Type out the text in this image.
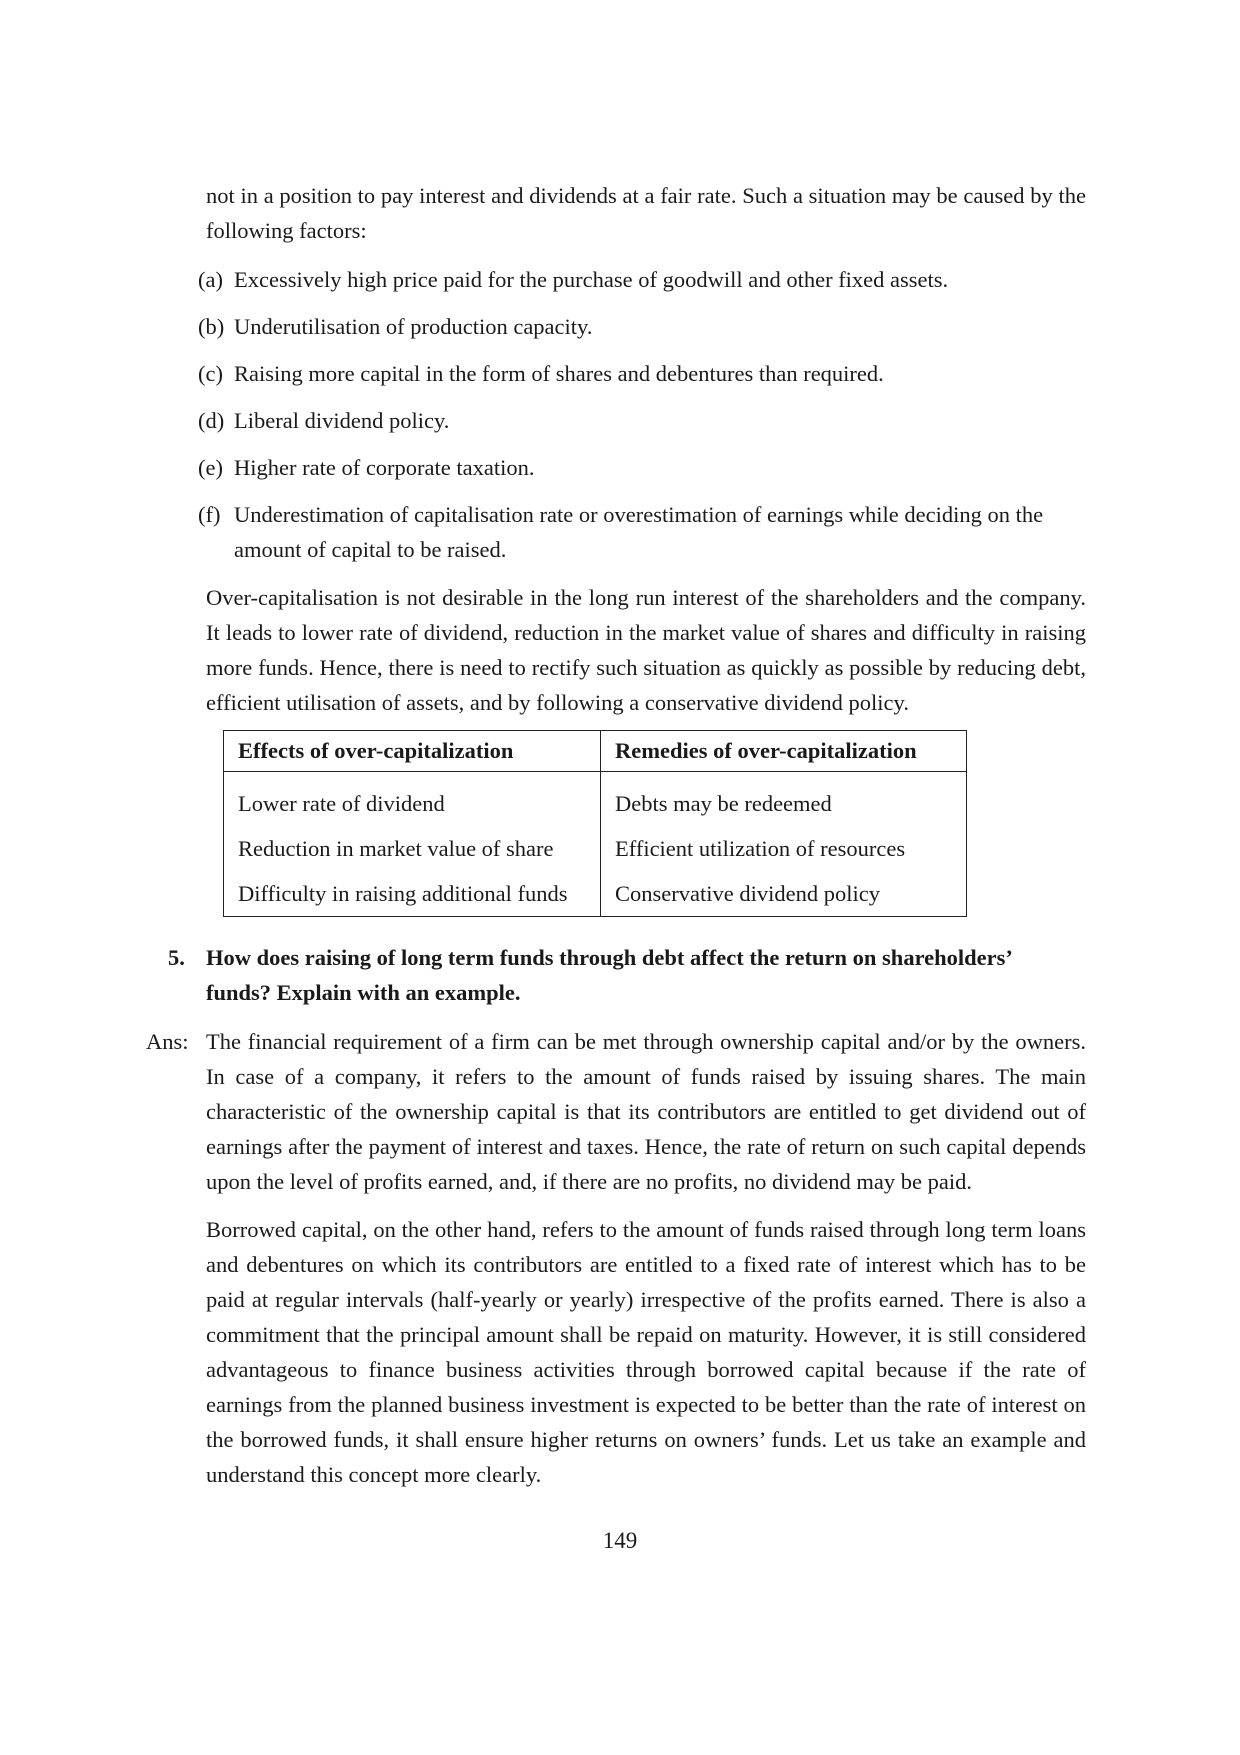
not in a position to pay interest and dividends at a fair rate. Such a situation may be caused by the following factors:

(a) Excessively high price paid for the purchase of goodwill and other fixed assets.
(b) Underutilisation of production capacity.
(c) Raising more capital in the form of shares and debentures than required.
(d) Liberal dividend policy.
(e) Higher rate of corporate taxation.
(f) Underestimation of capitalisation rate or overestimation of earnings while deciding on the
amount of capital to be raised.

Over-capitalisation is not desirable in the long run interest of the shareholders and the company. It leads to lower rate of dividend, reduction in the market value of shares and difficulty in raising more funds. Hence, there is need to rectify such situation as quickly as possible by reducing debt, efficient utilisation of assets, and by following a conservative dividend policy.

Effects of over-capitalization	Remedies of over-capitalization
Lower rate of dividend	Debts may be redeemed
Reduction in market value of share	Efficient utilization of resources
Difficulty in raising additional funds	Conservative dividend policy
5. How does raising of long term funds through debt affect the return on shareholders’
funds? Explain with an example.
Ans: The financial requirement of a firm can be met through ownership capital and/or by the owners. In case of a company, it refers to the amount of funds raised by issuing shares. The main characteristic of the ownership capital is that its contributors are entitled to get dividend out of earnings after the payment of interest and taxes. Hence, the rate of return on such capital depends upon the level of profits earned, and, if there are no profits, no dividend may be paid.

Borrowed capital, on the other hand, refers to the amount of funds raised through long term loans and debentures on which its contributors are entitled to a fixed rate of interest which has to be paid at regular intervals (half-yearly or yearly) irrespective of the profits earned. There is also a commitment that the principal amount shall be repaid on maturity. However, it is still considered advantageous to finance business activities through borrowed capital because if the rate of earnings from the planned business investment is expected to be better than the rate of interest on the borrowed funds, it shall ensure higher returns on owners’ funds. Let us take an example and understand this concept more clearly.

149
